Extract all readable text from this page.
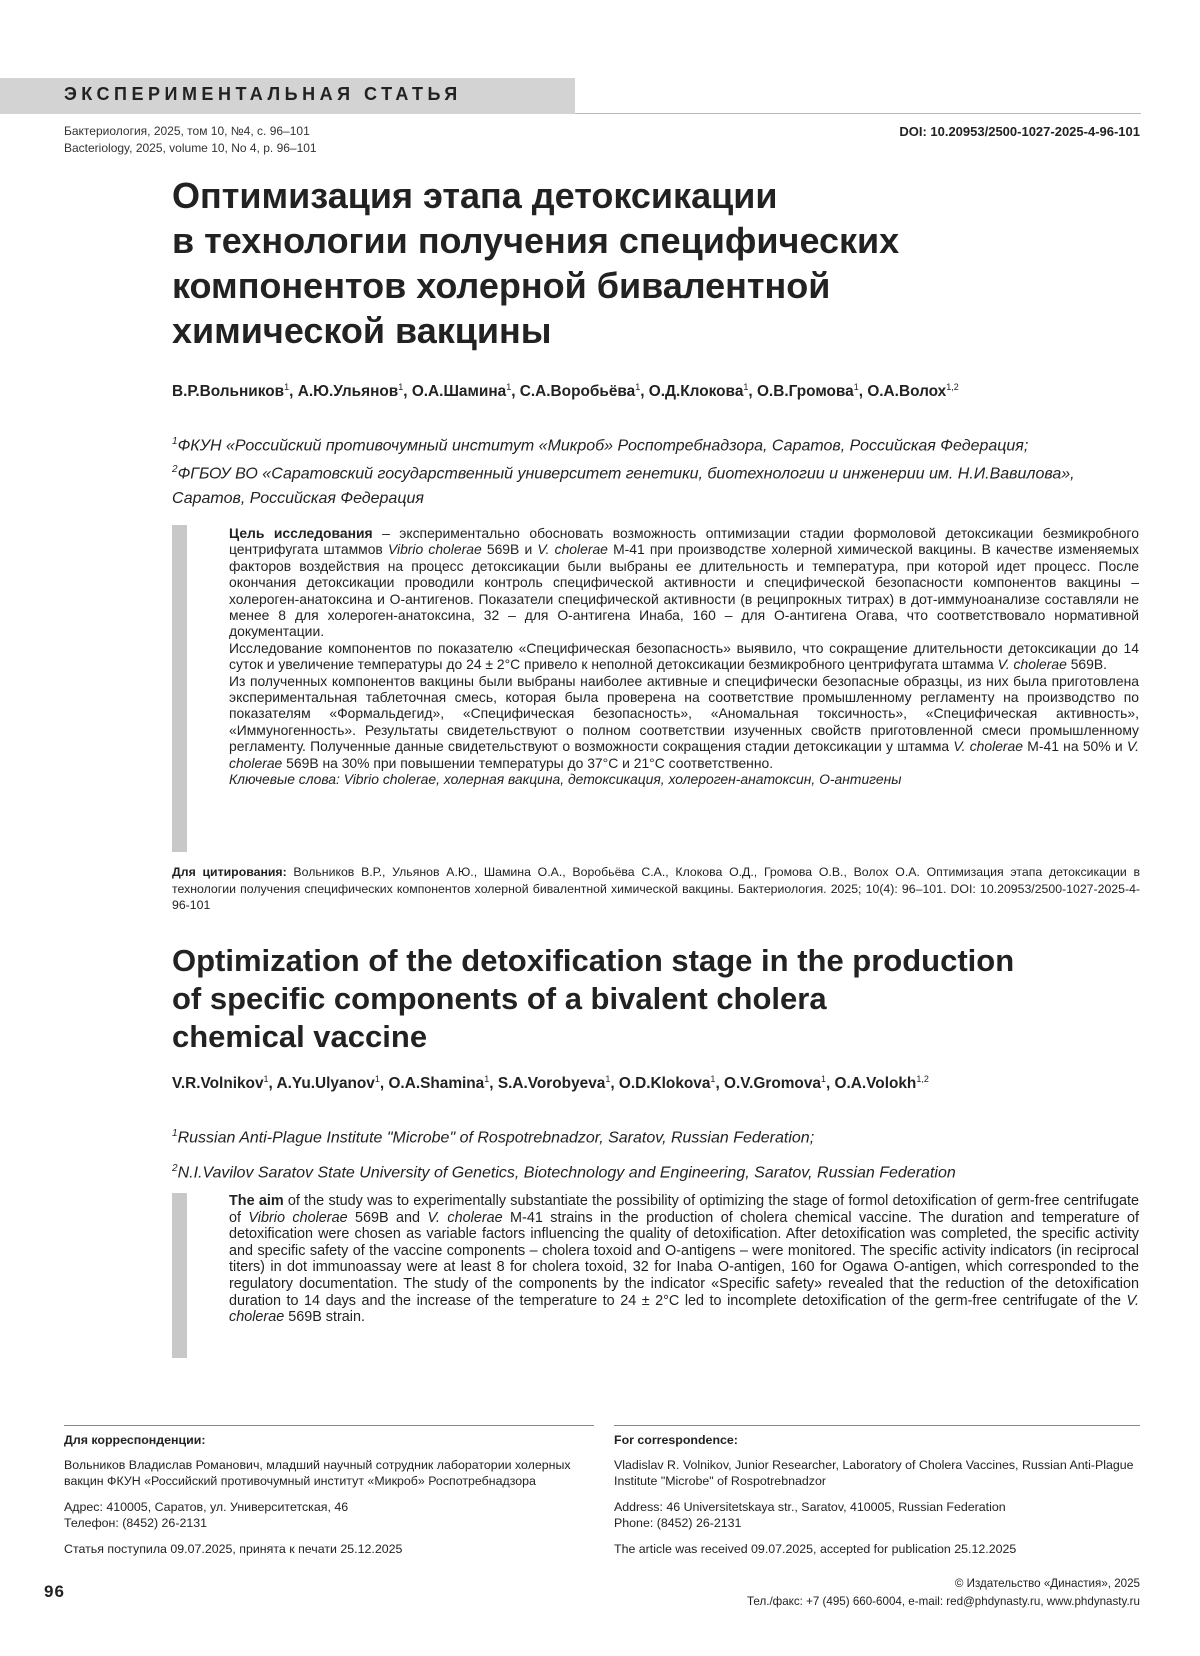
ЭКСПЕРИМЕНТАЛЬНАЯ СТАТЬЯ
Бактериология, 2025, том 10, №4, с. 96–101
Bacteriology, 2025, volume 10, No 4, p. 96–101
DOI: 10.20953/2500-1027-2025-4-96-101
Оптимизация этапа детоксикации
в технологии получения специфических
компонентов холерной бивалентной
химической вакцины
В.Р.Вольников$^1$, А.Ю.Ульянов$^1$, О.А.Шамина$^1$, С.А.Воробьёва$^1$, О.Д.Клокова$^1$, О.В.Громова$^1$, О.А.Волох$^{1,2}$
$^1$ФКУН «Российский противочумный институт «Микроб» Роспотребнадзора, Саратов, Российская Федерация;
$^2$ФГБОУ ВО «Саратовский государственный университет генетики, биотехнологии и инженерии им. Н.И.Вавилова», Саратов, Российская Федерация

Цель исследования – экспериментально обосновать возможность оптимизации стадии формоловой детоксикации безмикробного центрифугата штаммов Vibrio cholerae 569В и V. cholerae М-41 при производстве холерной химической вакцины. В качестве изменяемых факторов воздействия на процесс детоксикации были выбраны ее длительность и температура, при которой идет процесс. После окончания детоксикации проводили контроль специфической активности и специфической безопасности компонентов вакцины – холероген-анатоксина и О-антигенов. Показатели специфической активности (в реципрокных титрах) в дот-иммуноанализе составляли не менее 8 для холероген-анатоксина, 32 – для О-антигена Инаба, 160 – для О-антигена Огава, что соответствовало нормативной документации.

Исследование компонентов по показателю «Специфическая безопасность» выявило, что сокращение длительности детоксикации до 14 суток и увеличение температуры до 24 ± 2°С привело к неполной детоксикации безмикробного центрифугата штамма V. cholerae 569В.

Из полученных компонентов вакцины были выбраны наиболее активные и специфически безопасные образцы, из них была приготовлена экспериментальная таблеточная смесь, которая была проверена на соответствие промышленному регламенту на производство по показателям «Формальдегид», «Специфическая безопасность», «Аномальная токсичность», «Специфическая активность», «Иммуногенность». Результаты свидетельствуют о полном соответствии изученных свойств приготовленной смеси промышленному регламенту. Полученные данные свидетельствуют о возможности сокращения стадии детоксикации у штамма V. cholerae М-41 на 50% и V. cholerae 569В на 30% при повышении температуры до 37°С и 21°С соответственно.

Ключевые слова: Vibrio cholerae, холерная вакцина, детоксикация, холероген-анатоксин, О-антигены

Для цитирования: Вольников В.Р., Ульянов А.Ю., Шамина О.А., Воробьёва С.А., Клокова О.Д., Громова О.В., Волох О.А. Оптимизация этапа детоксикации в технологии получения специфических компонентов холерной бивалентной химической вакцины. Бактериология. 2025; 10(4): 96–101. DOI: 10.20953/2500-1027-2025-4-96-101
Optimization of the detoxification stage in the production
of specific components of a bivalent cholera
chemical vaccine
V.R.Volnikov$^1$, A.Yu.Ulyanov$^1$, O.A.Shamina$^1$, S.A.Vorobyeva$^1$, O.D.Klokova$^1$, O.V.Gromova$^1$, O.A.Volokh$^{1,2}$
$^1$Russian Anti-Plague Institute "Microbe" of Rospotrebnadzor, Saratov, Russian Federation;
$^2$N.I.Vavilov Saratov State University of Genetics, Biotechnology and Engineering, Saratov, Russian Federation

The aim of the study was to experimentally substantiate the possibility of optimizing the stage of formol detoxification of germ-free centrifugate of Vibrio cholerae 569B and V. cholerae M-41 strains in the production of cholera chemical vaccine. The duration and temperature of detoxification were chosen as variable factors influencing the quality of detoxification. After detoxification was completed, the specific activity and specific safety of the vaccine components – cholera toxoid and O-antigens – were monitored. The specific activity indicators (in reciprocal titers) in dot immunoassay were at least 8 for cholera toxoid, 32 for Inaba O-antigen, 160 for Ogawa O-antigen, which corresponded to the regulatory documentation. The study of the components by the indicator «Specific safety» revealed that the reduction of the detoxification duration to 14 days and the increase of the temperature to 24 ± 2°C led to incomplete detoxification of the germ-free centrifugate of the V. cholerae 569B strain.

Для корреспонденции:
Вольников Владислав Романович, младший научный сотрудник лаборатории холерных вакцин ФКУН «Российский противочумный институт «Микроб» Роспотребнадзора
Адрес: 410005, Саратов, ул. Университетская, 46
Телефон: (8452) 26-2131
Статья поступила 09.07.2025, принята к печати 25.12.2025
For correspondence:
Vladislav R. Volnikov, Junior Researcher, Laboratory of Cholera Vaccines, Russian Anti-Plague Institute "Microbe" of Rospotrebnadzor
Address: 46 Universitetskaya str., Saratov, 410005, Russian Federation
Phone: (8452) 26-2131
The article was received 09.07.2025, accepted for publication 25.12.2025
96	© Издательство «Династия», 2025
Тел./факс: +7 (495) 660-6004, e-mail: red@phdynasty.ru, www.phdynasty.ru
